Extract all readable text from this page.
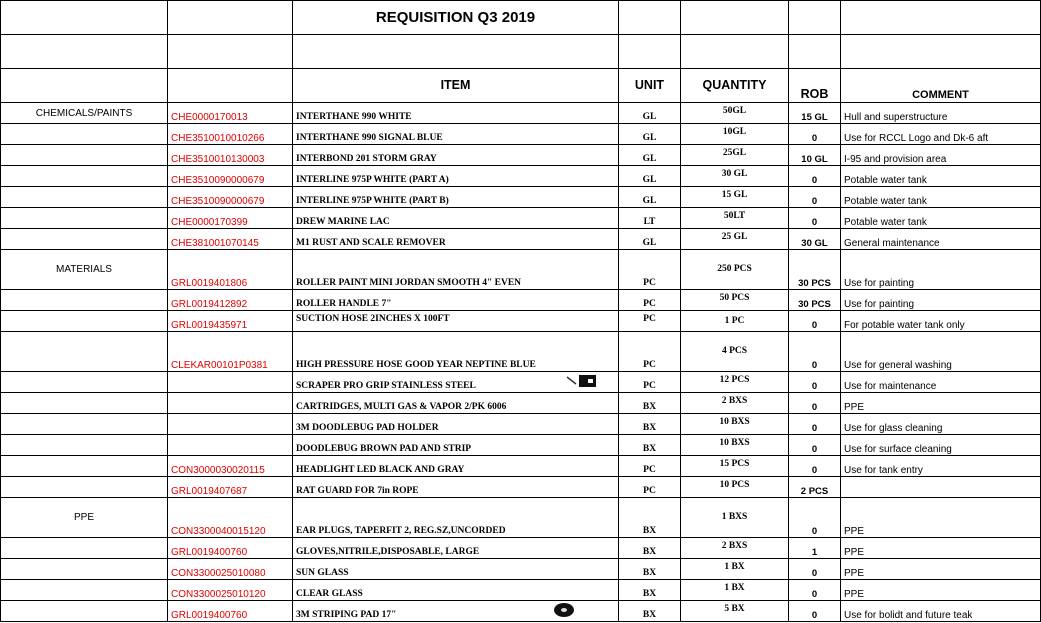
		REQUISITION Q3 2019				

		ITEM	UNIT	QUANTITY	ROB	COMMENT
CHEMICALS/PAINTS	CHE0000170013	INTERTHANE 990 WHITE	GL	50GL	15 GL	Hull and superstructure
	CHE3510010010266	INTERTHANE 990 SIGNAL BLUE	GL	10GL	0	Use for RCCL Logo and Dk-6 aft
	CHE3510010130003	INTERBOND 201 STORM GRAY	GL	25GL	10 GL	I-95 and provision area
	CHE3510090000679	INTERLINE 975P WHITE (PART A)	GL	30 GL	0	Potable water tank
	CHE3510090000679	INTERLINE 975P WHITE (PART B)	GL	15 GL	0	Potable water tank
	CHE0000170399	DREW MARINE LAC	LT	50LT	0	Potable water tank
	CHE381001070145	M1 RUST AND SCALE REMOVER	GL	25 GL	30 GL	General maintenance
MATERIALS	GRL0019401806	ROLLER PAINT MINI JORDAN SMOOTH 4" EVEN	PC	250 PCS	30 PCS	Use for painting
	GRL0019412892	ROLLER HANDLE 7"	PC	50 PCS	30 PCS	Use for painting
	GRL0019435971	SUCTION HOSE 2INCHES X 100FT	PC	1 PC	0	For potable water tank only
	CLEKAR00101P0381	HIGH PRESSURE HOSE GOOD YEAR NEPTINE BLUE	PC	4 PCS	0	Use for general washing
		SCRAPER PRO GRIP STAINLESS STEEL	PC	12 PCS	0	Use for maintenance
		CARTRIDGES, MULTI GAS & VAPOR 2/PK 6006	BX	2 BXS	0	PPE
		3M DOODLEBUG PAD HOLDER	BX	10 BXS	0	Use for glass cleaning
		DOODLEBUG BROWN PAD AND STRIP	BX	10 BXS	0	Use for surface cleaning
	CON3000030020115	HEADLIGHT LED BLACK AND GRAY	PC	15 PCS	0	Use for tank entry
	GRL0019407687	RAT GUARD FOR 7in ROPE	PC	10 PCS	2 PCS	
PPE	CON3300040015120	EAR PLUGS, TAPERFIT 2, REG.SZ,UNCORDED	BX	1 BXS	0	PPE
	GRL0019400760	GLOVES,NITRILE,DISPOSABLE, LARGE	BX	2 BXS	1	PPE
	CON3300025010080	SUN GLASS	BX	1 BX	0	PPE
	CON3300025010120	CLEAR GLASS	BX	1 BX	0	PPE
	GRL0019400760	3M STRIPING PAD 17"	BX	5 BX	0	Use for bolidt and future teak
